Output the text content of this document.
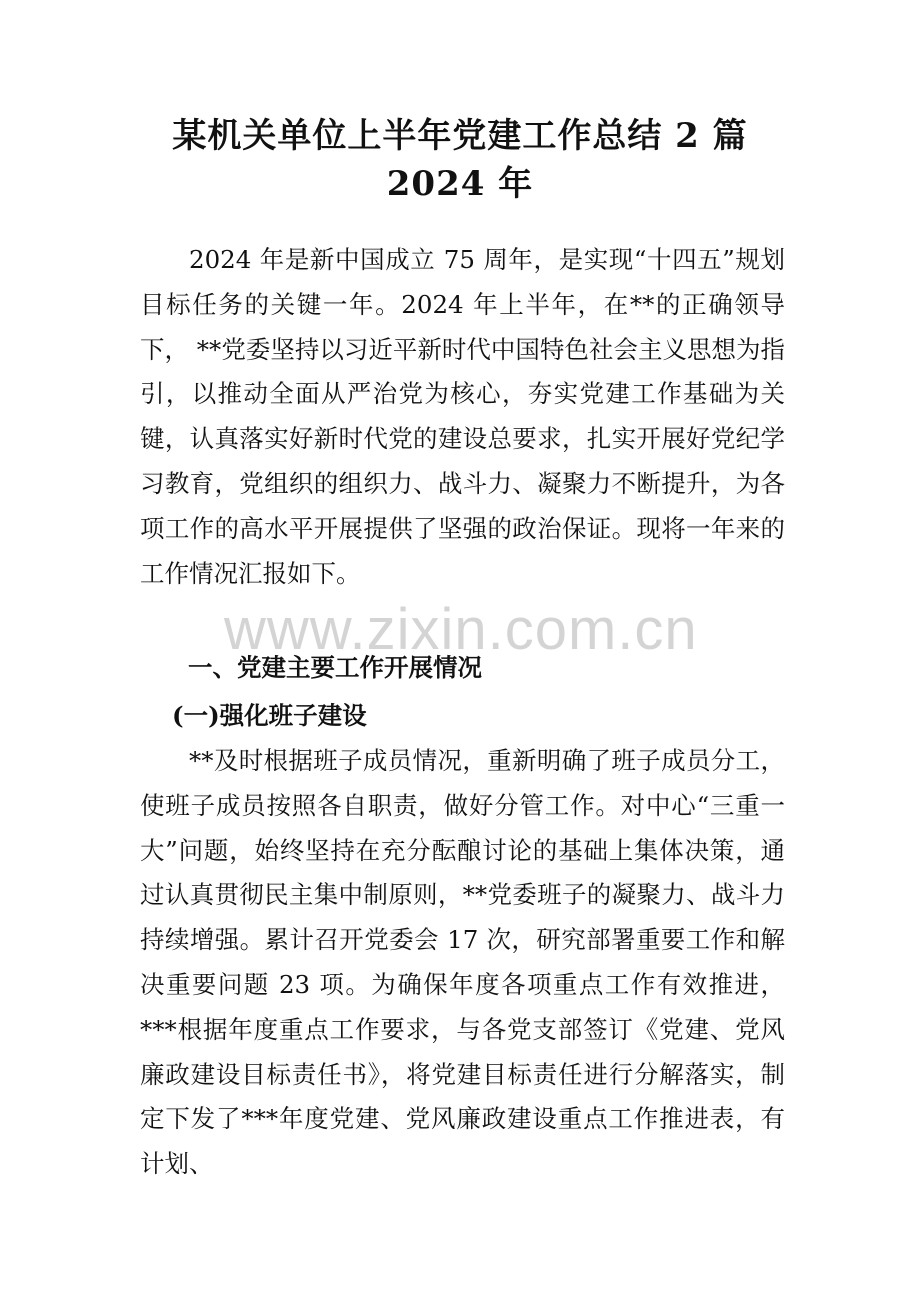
某机关单位上半年党建工作总结 2 篇 2024 年

2024 年是新中国成立 75 周年，是实现“十四五”规划目标任务的关键一年。2024 年上半年，在**的正确领导下， **党委坚持以习近平新时代中国特色社会主义思想为指引，以推动全面从严治党为核心，夯实党建工作基础为关键，认真落实好新时代党的建设总要求，扎实开展好党纪学习教育，党组织的组织力、战斗力、凝聚力不断提升，为各项工作的高水平开展提供了坚强的政治保证。现将一年来的工作情况汇报如下。

www.zixin.com.cn

一、党建主要工作开展情况

(一)强化班子建设

**及时根据班子成员情况，重新明确了班子成员分工，使班子成员按照各自职责，做好分管工作。对中心“三重一大”问题，始终坚持在充分酝酿讨论的基础上集体决策，通过认真贯彻民主集中制原则，**党委班子的凝聚力、战斗力持续增强。累计召开党委会 17 次，研究部署重要工作和解决重要问题 23 项。为确保年度各项重点工作有效推进，***根据年度重点工作要求，与各党支部签订《党建、党风廉政建设目标责任书》，将党建目标责任进行分解落实，制定下发了***年度党建、党风廉政建设重点工作推进表，有计划、
